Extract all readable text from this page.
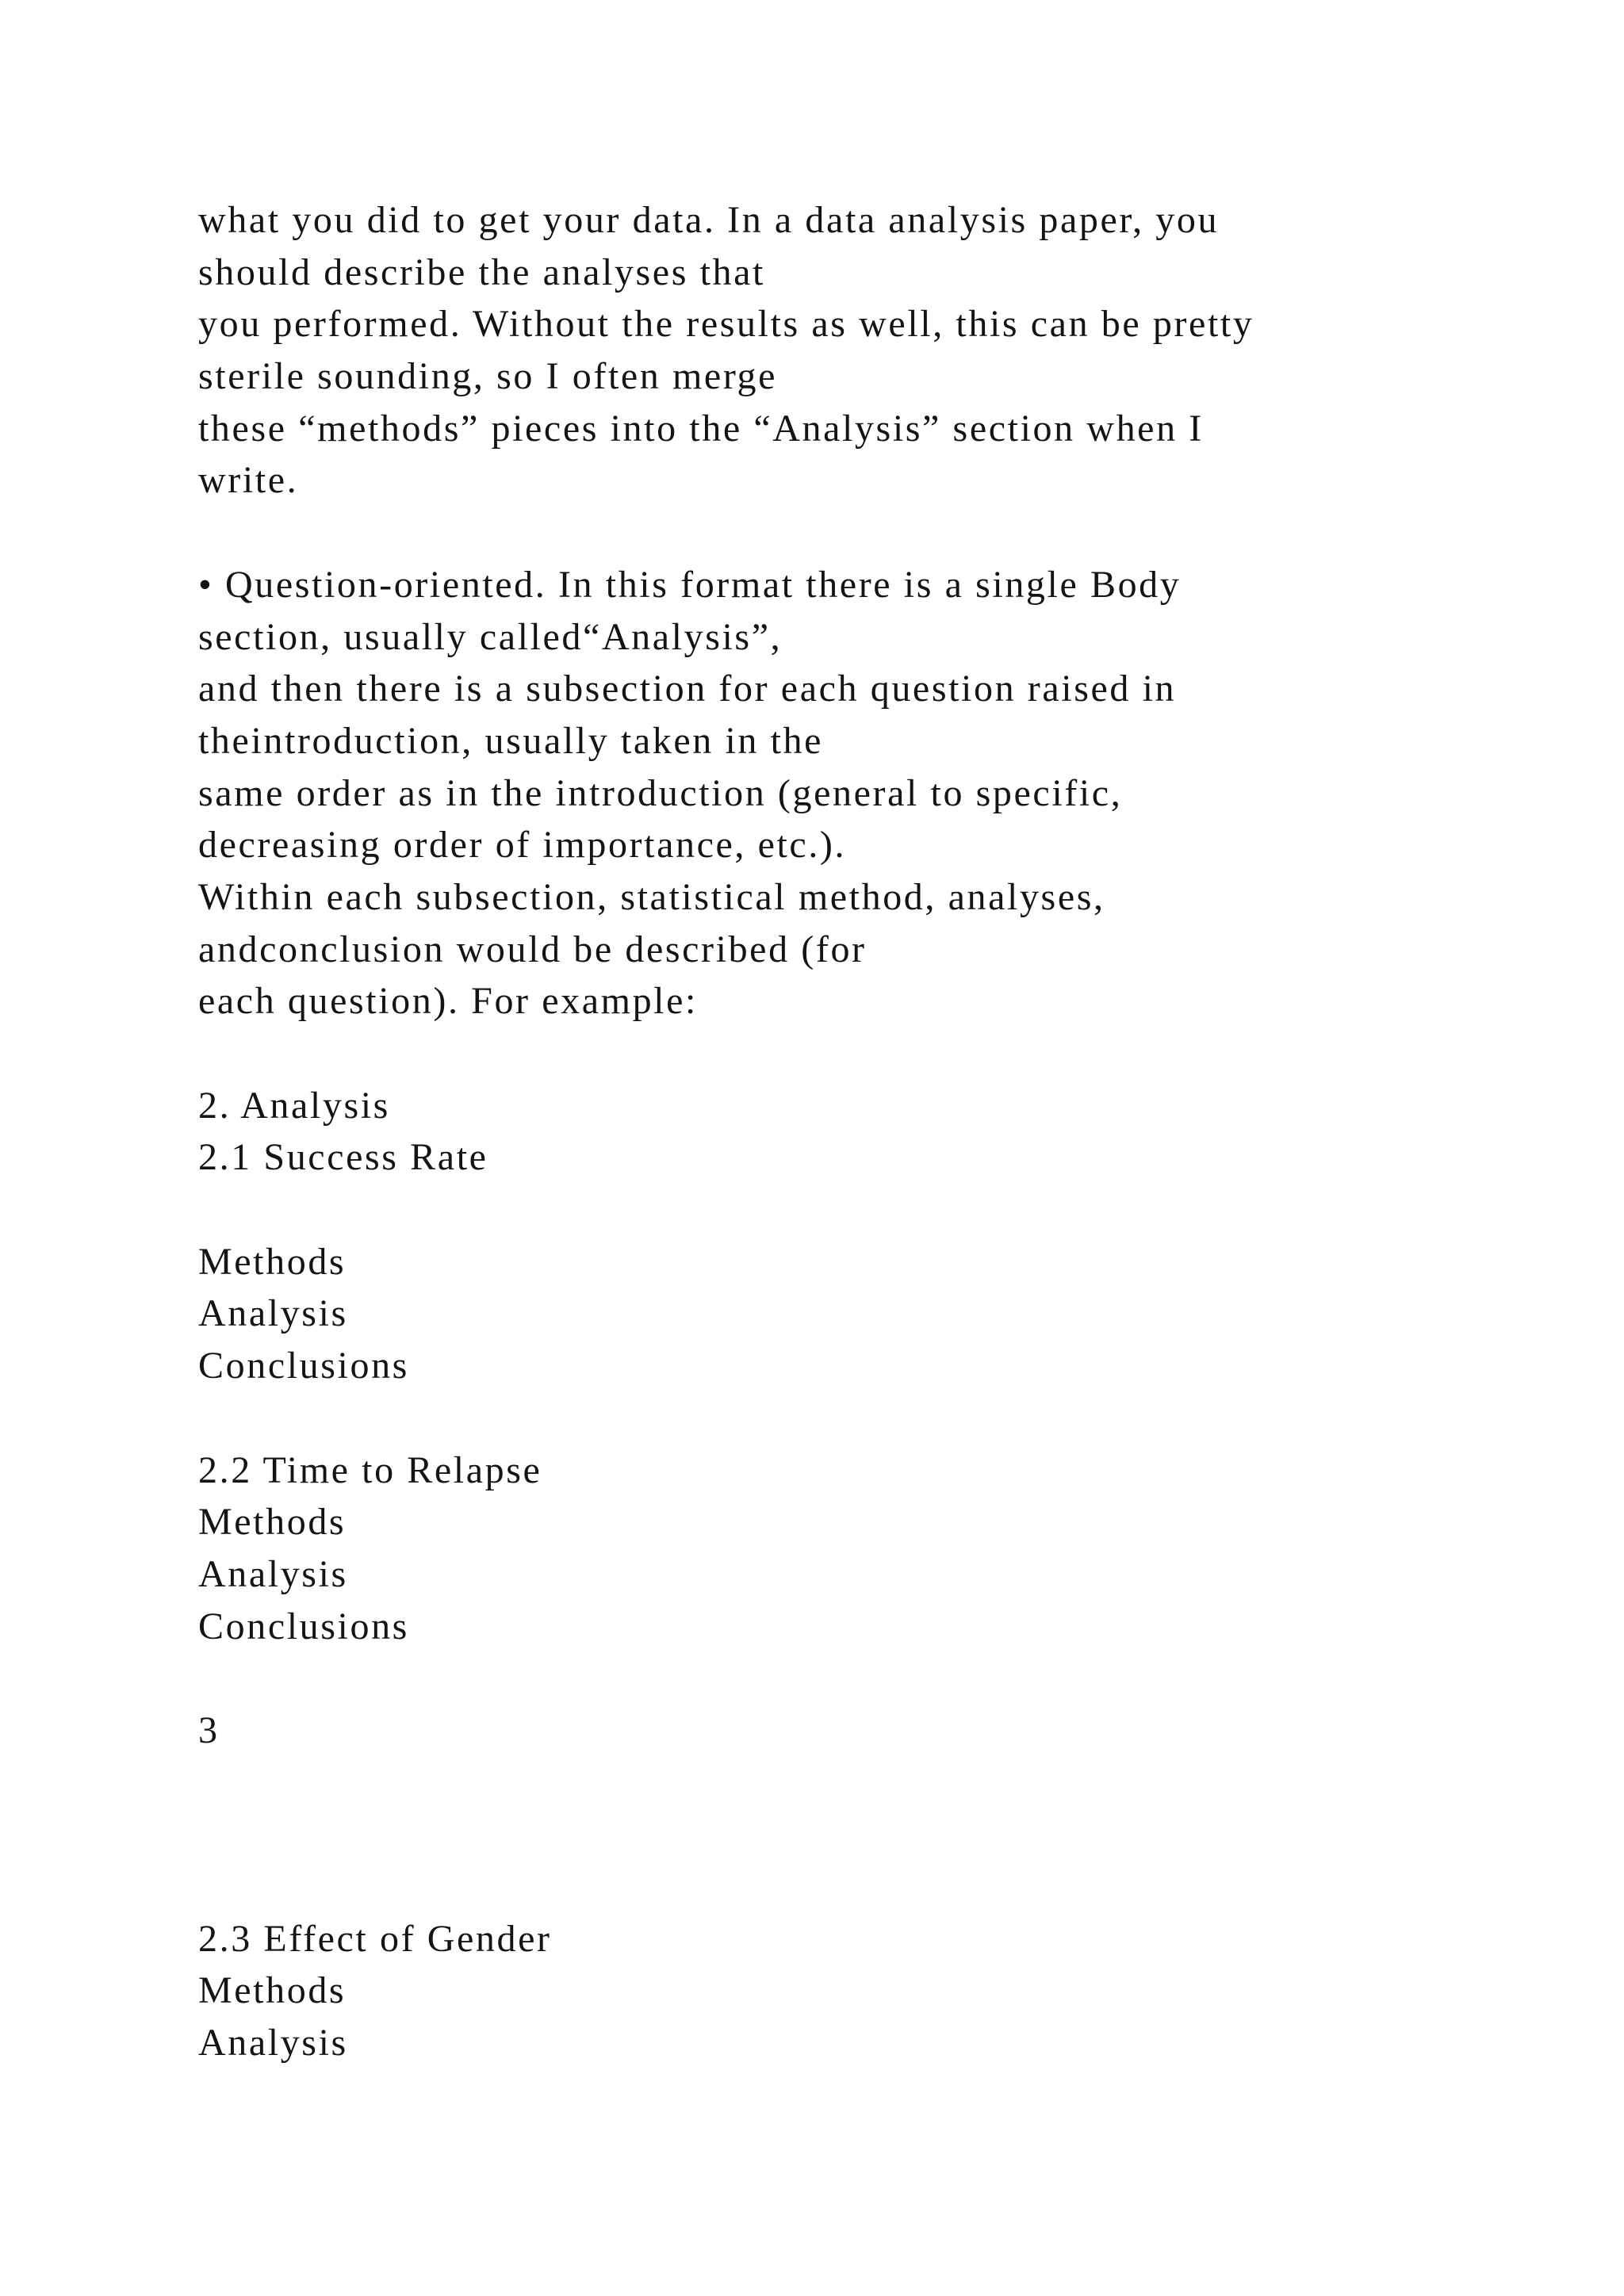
what you did to get your data. In a data analysis paper, you
should describe the analyses that
you performed. Without the results as well, this can be pretty
sterile sounding, so I often merge
these “methods” pieces into the “Analysis” section when I
write.
• Question-oriented. In this format there is a single Body
section, usually called“Analysis”,
and then there is a subsection for each question raised in
theintroduction, usually taken in the
same order as in the introduction (general to specific,
decreasing order of importance, etc.).
Within each subsection, statistical method, analyses,
andconclusion would be described (for
each question). For example:
2. Analysis
2.1 Success Rate
Methods
Analysis
Conclusions
2.2 Time to Relapse
Methods
Analysis
Conclusions
3
2.3 Effect of Gender
Methods
Analysis
